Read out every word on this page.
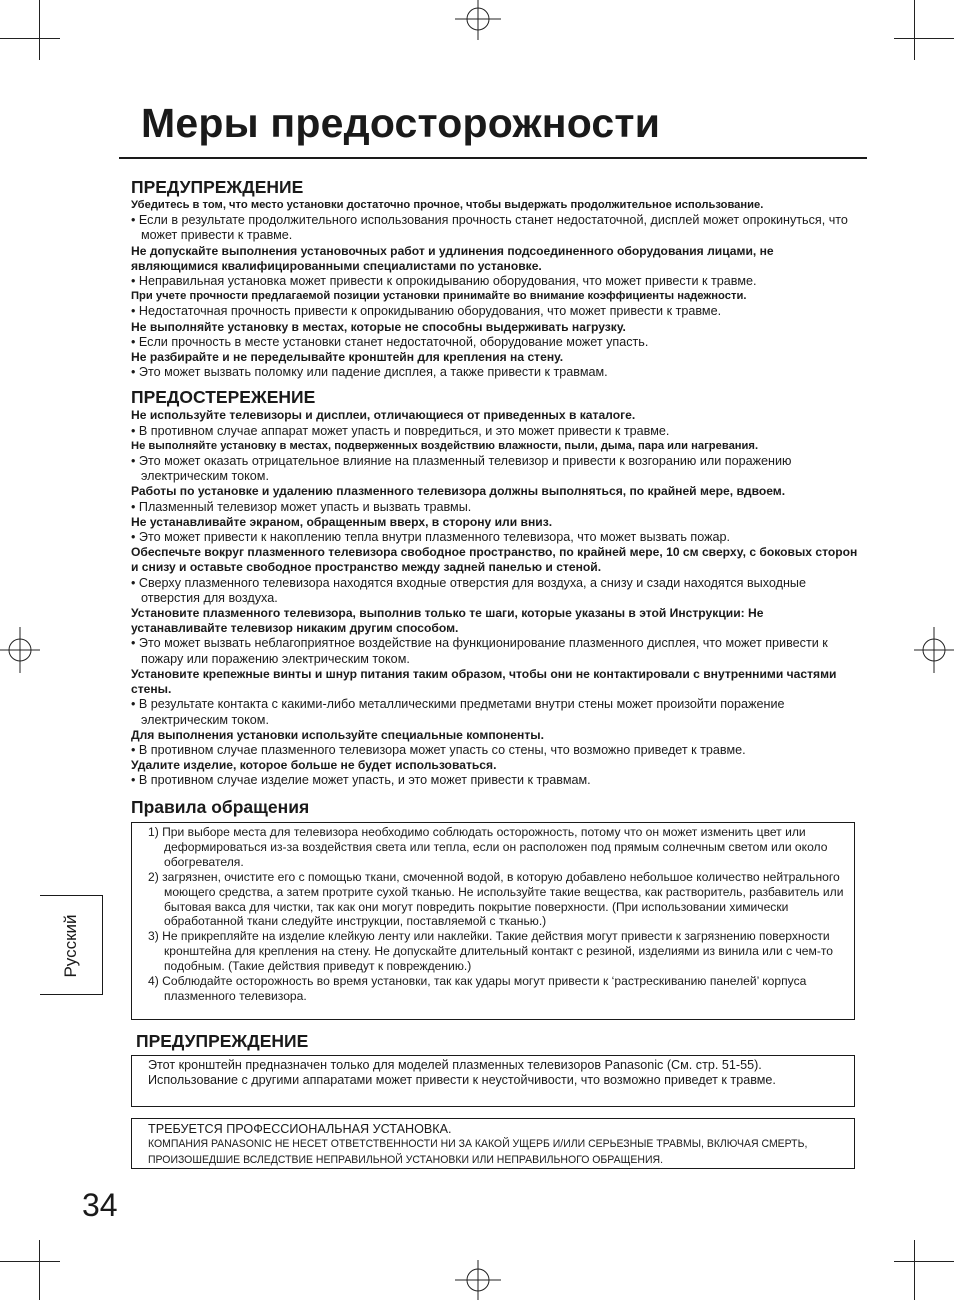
Меры предосторожности
ПРЕДУПРЕЖДЕНИЕ

Убедитесь в том, что место установки достаточно прочное, чтобы выдержать продолжительное использование.

• Если в результате продолжительного использования прочность станет недостаточной, дисплей может опрокинуться, что может привести к травме.

Не допускайте выполнения установочных работ и удлинения подсоединенного оборудования лицами, не являющимися квалифицированными специалистами по установке.

• Неправильная установка может привести к опрокидыванию оборудования, что может привести к травме.

При учете прочности предлагаемой позиции установки принимайте во внимание коэффициенты надежности.

• Недостаточная прочность привести к опрокидыванию оборудования, что может привести к травме.

Не выполняйте установку в местах, которые не способны выдерживать нагрузку.

• Если прочность в месте установки станет недостаточной, оборудование может упасть.

Не разбирайте и не переделывайте кронштейн для крепления на стену.

• Это может вызвать поломку или падение дисплея, а также привести к травмам.

ПРЕДОСТЕРЕЖЕНИЕ

Не используйте телевизоры и дисплеи, отличающиеся от приведенных в каталоге.

• В противном случае аппарат может упасть и повредиться, и это может привести к травме.

Не выполняйте установку в местах, подверженных воздействию влажности, пыли, дыма, пара или нагревания.

• Это может оказать отрицательное влияние на плазменный телевизор и привести к возгоранию или поражению электрическим током.

Работы по установке и удалению плазменного телевизора должны выполняться, по крайней мере, вдвоем.

• Плазменный телевизор может упасть и вызвать травмы.

Не устанавливайте экраном, обращенным вверх, в сторону или вниз.

• Это может привести к накоплению тепла внутри плазменного телевизора, что может вызвать пожар.

Обеспечьте вокруг плазменного телевизора свободное пространство, по крайней мере, 10 см сверху, с боковых сторон и снизу и оставьте свободное пространство между задней панелью и стеной.

• Сверху плазменного телевизора находятся входные отверстия для воздуха, а снизу и сзади находятся выходные отверстия для воздуха.

Установите плазменного телевизора, выполнив только те шаги, которые указаны в этой Инструкции: Не устанавливайте телевизор никаким другим способом.

• Это может вызвать неблагоприятное воздействие на функционирование плазменного дисплея, что может привести к пожару или поражению электрическим током.

Установите крепежные винты и шнур питания таким образом, чтобы они не контактировали с внутренними частями стены.

• В результате контакта с какими-либо металлическими предметами внутри стены может произойти поражение электрическим током.

Для выполнения установки используйте специальные компоненты.

• В противном случае плазменного телевизора может упасть со стены, что возможно приведет к травме.

Удалите изделие, которое больше не будет использоваться.

• В противном случае изделие может упасть, и это может привести к травмам.

Правила обращения

1) При выборе места для телевизора необходимо соблюдать осторожность, потому что он может изменить цвет или деформироваться из-за воздействия света или тепла, если он расположен под прямым солнечным светом или около обогревателя.

2) загрязнен, очистите его с помощью ткани, смоченной водой, в которую добавлено небольшое количество нейтрального моющего средства, а затем протрите сухой тканью. Не используйте такие вещества, как растворитель, разбавитель или бытовая вакса для чистки, так как они могут повредить покрытие поверхности. (При использовании химически обработанной ткани следуйте инструкции, поставляемой с тканью.)

3) Не прикрепляйте на изделие клейкую ленту или наклейки. Такие действия могут привести к загрязнению поверхности кронштейна для крепления на стену. Не допускайте длительный контакт с резиной, изделиями из винила или с чем-то подобным. (Такие действия приведут к повреждению.)

4) Соблюдайте осторожность во время установки, так как удары могут привести к ‘растрескиванию панелей’ корпуса плазменного телевизора.

ПРЕДУПРЕЖДЕНИЕ

Этот кронштейн предназначен только для моделей плазменных телевизоров Panasonic (См. стр. 51-55). Использование с другими аппаратами может привести к неустойчивости, что возможно приведет к травме.

ТРЕБУЕТСЯ ПРОФЕССИОНАЛЬНАЯ УСТАНОВКА.

КОМПАНИЯ PANASONIC НЕ НЕСЕТ ОТВЕТСТВЕННОСТИ НИ ЗА КАКОЙ УЩЕРБ И/ИЛИ СЕРЬЕЗНЫЕ ТРАВМЫ, ВКЛЮЧАЯ СМЕРТЬ, ПРОИЗОШЕДШИЕ ВСЛЕДСТВИЕ НЕПРАВИЛЬНОЙ УСТАНОВКИ ИЛИ НЕПРАВИЛЬНОГО ОБРАЩЕНИЯ.

Русский

34
